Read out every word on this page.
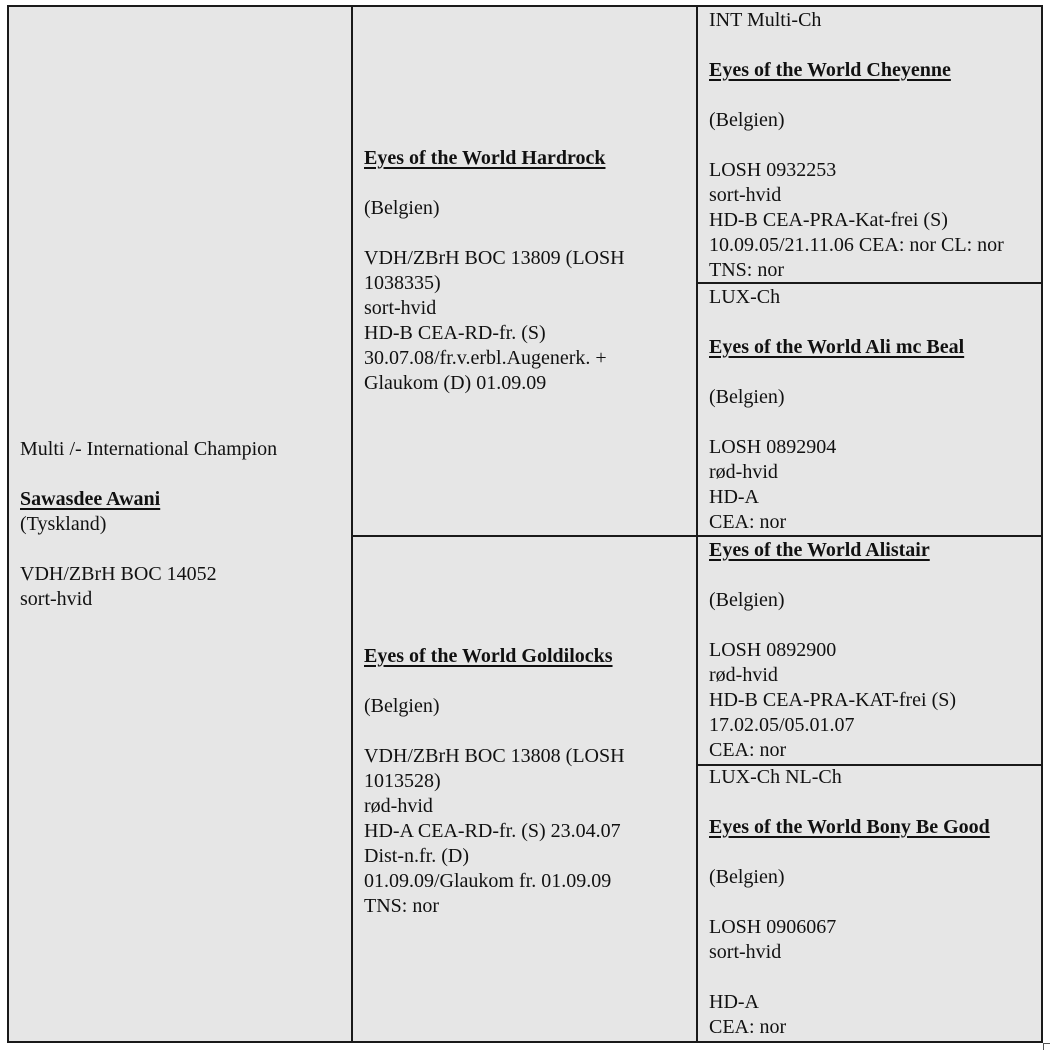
Multi /- International Champion
Sawasdee Awani
(Tyskland)
VDH/ZBrH BOC 14052
sort-hvid
Eyes of the World Hardrock
(Belgien)
VDH/ZBrH BOC 13809 (LOSH
1038335)
sort-hvid
HD-B CEA-RD-fr. (S)
30.07.08/fr.v.erbl.Augenerk. +
Glaukom (D) 01.09.09
Eyes of the World Goldilocks
(Belgien)
VDH/ZBrH BOC 13808 (LOSH
1013528)
rød-hvid
HD-A CEA-RD-fr. (S) 23.04.07
Dist-n.fr. (D)
01.09.09/Glaukom fr. 01.09.09
TNS: nor
INT Multi-Ch
Eyes of the World Cheyenne
(Belgien)
LOSH 0932253
sort-hvid
HD-B CEA-PRA-Kat-frei (S)
10.09.05/21.11.06 CEA: nor CL: nor
TNS: nor
LUX-Ch
Eyes of the World Ali mc Beal
(Belgien)
LOSH 0892904
rød-hvid
HD-A
CEA: nor
Eyes of the World Alistair
(Belgien)
LOSH 0892900
rød-hvid
HD-B CEA-PRA-KAT-frei (S)
17.02.05/05.01.07
CEA: nor
LUX-Ch NL-Ch
Eyes of the World Bony Be Good
(Belgien)
LOSH 0906067
sort-hvid
HD-A
CEA: nor
